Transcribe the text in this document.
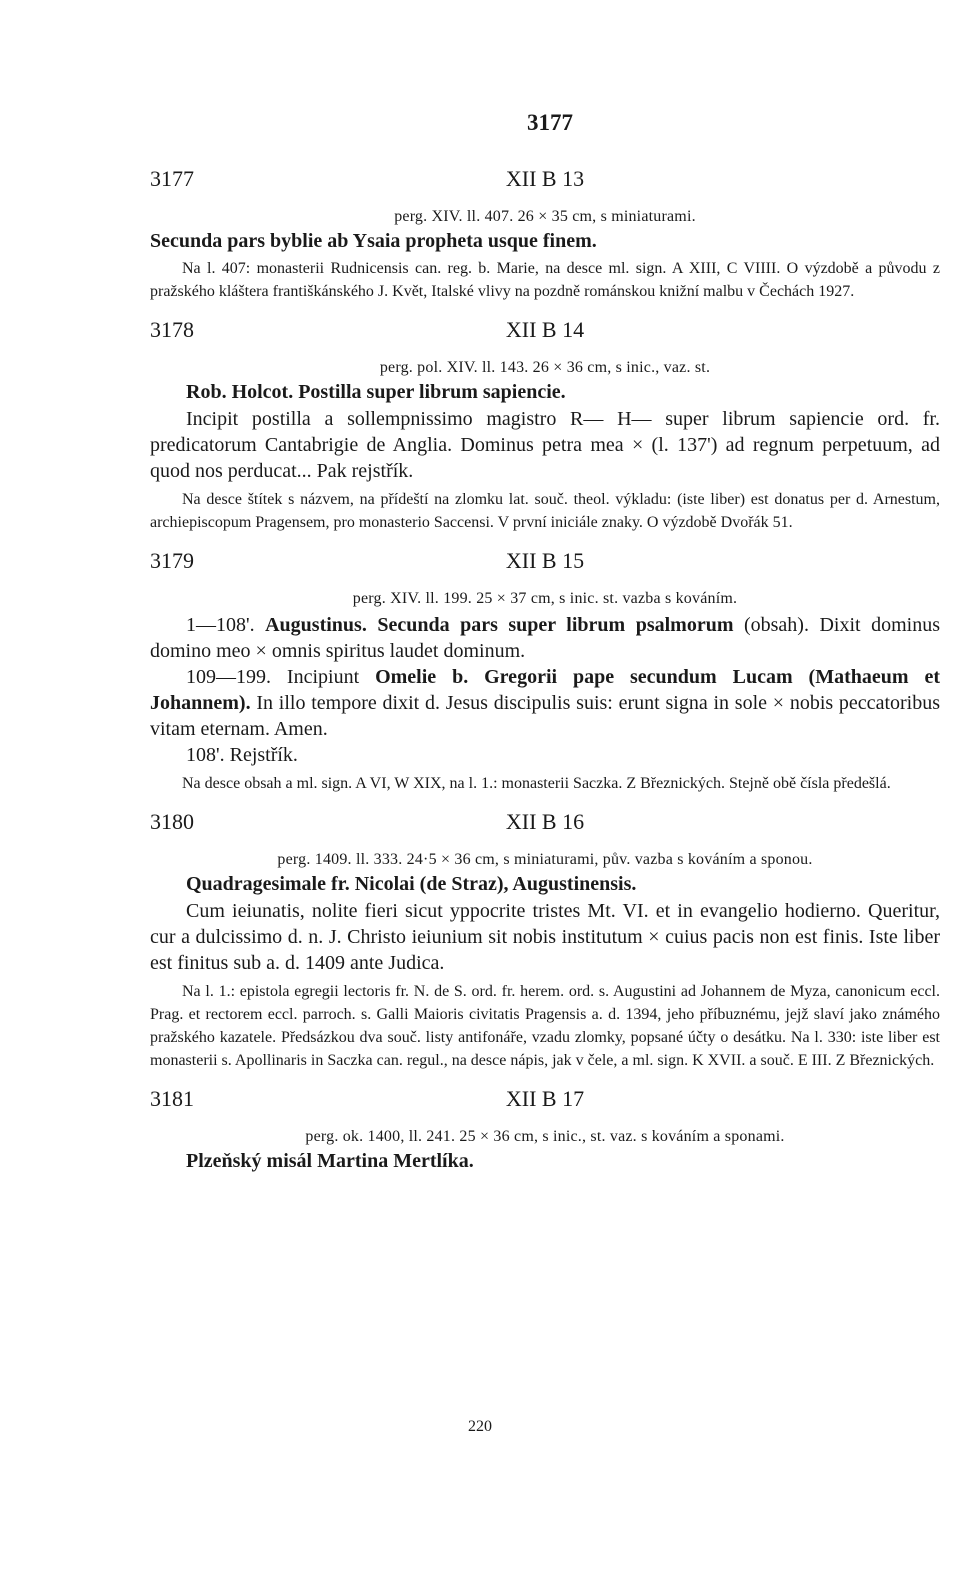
3177
3177	XII B 13
perg. XIV. ll. 407. 26 × 35 cm, s miniaturami.
Secunda pars byblie ab Ysaia propheta usque finem.

Na l. 407: monasterii Rudnicensis can. reg. b. Marie, na desce ml. sign. A XIII, C VIIII. O výzdobě a původu z pražského kláštera františkánského J. Květ, Italské vlivy na pozdně románskou knižní malbu v Čechách 1927.

3178	XII B 14
perg. pol. XIV. ll. 143. 26 × 36 cm, s inic., vaz. st.
Rob. Holcot. Postilla super librum sapiencie.

Incipit postilla a sollempnissimo magistro R— H— super librum sapiencie ord. fr. predicatorum Cantabrigie de Anglia. Dominus petra mea × (l. 137') ad regnum perpetuum, ad quod nos perducat... Pak rejstřík.

Na desce štítek s názvem, na přídeští na zlomku lat. souč. theol. výkladu: (iste liber) est donatus per d. Arnestum, archiepiscopum Pragensem, pro monasterio Saccensi. V první iniciále znaky. O výzdobě Dvořák 51.

3179	XII B 15
perg. XIV. ll. 199. 25 × 37 cm, s inic. st. vazba s kováním.

1—108'. Augustinus. Secunda pars super librum psalmorum (obsah). Dixit dominus domino meo × omnis spiritus laudet dominum.

109—199. Incipiunt Omelie b. Gregorii pape secundum Lucam (Mathaeum et Johannem). In illo tempore dixit d. Jesus discipulis suis: erunt signa in sole × nobis peccatoribus vitam eternam. Amen.

108'. Rejstřík.

Na desce obsah a ml. sign. A VI, W XIX, na l. 1.: monasterii Saczka. Z Březnických. Stejně obě čísla předešlá.

3180	XII B 16
perg. 1409. ll. 333. 24·5 × 36 cm, s miniaturami, pův. vazba s kováním a sponou.
Quadragesimale fr. Nicolai (de Straz), Augustinensis.

Cum ieiunatis, nolite fieri sicut yppocrite tristes Mt. VI. et in evangelio hodierno. Queritur, cur a dulcissimo d. n. J. Christo ieiunium sit nobis institutum × cuius pacis non est finis. Iste liber est finitus sub a. d. 1409 ante Judica.

Na l. 1.: epistola egregii lectoris fr. N. de S. ord. fr. herem. ord. s. Augustini ad Johannem de Myza, canonicum eccl. Prag. et rectorem eccl. parroch. s. Galli Maioris civitatis Pragensis a. d. 1394, jeho příbuznému, jejž slaví jako známého pražského kazatele. Předsázkou dva souč. listy antifonáře, vzadu zlomky, popsané účty o desátku. Na l. 330: iste liber est monasterii s. Apollinaris in Saczka can. regul., na desce nápis, jak v čele, a ml. sign. K XVII. a souč. E III. Z Březnických.

3181	XII B 17
perg. ok. 1400, ll. 241. 25 × 36 cm, s inic., st. vaz. s kováním a sponami.
Plzeňský misál Martina Mertlíka.
220
